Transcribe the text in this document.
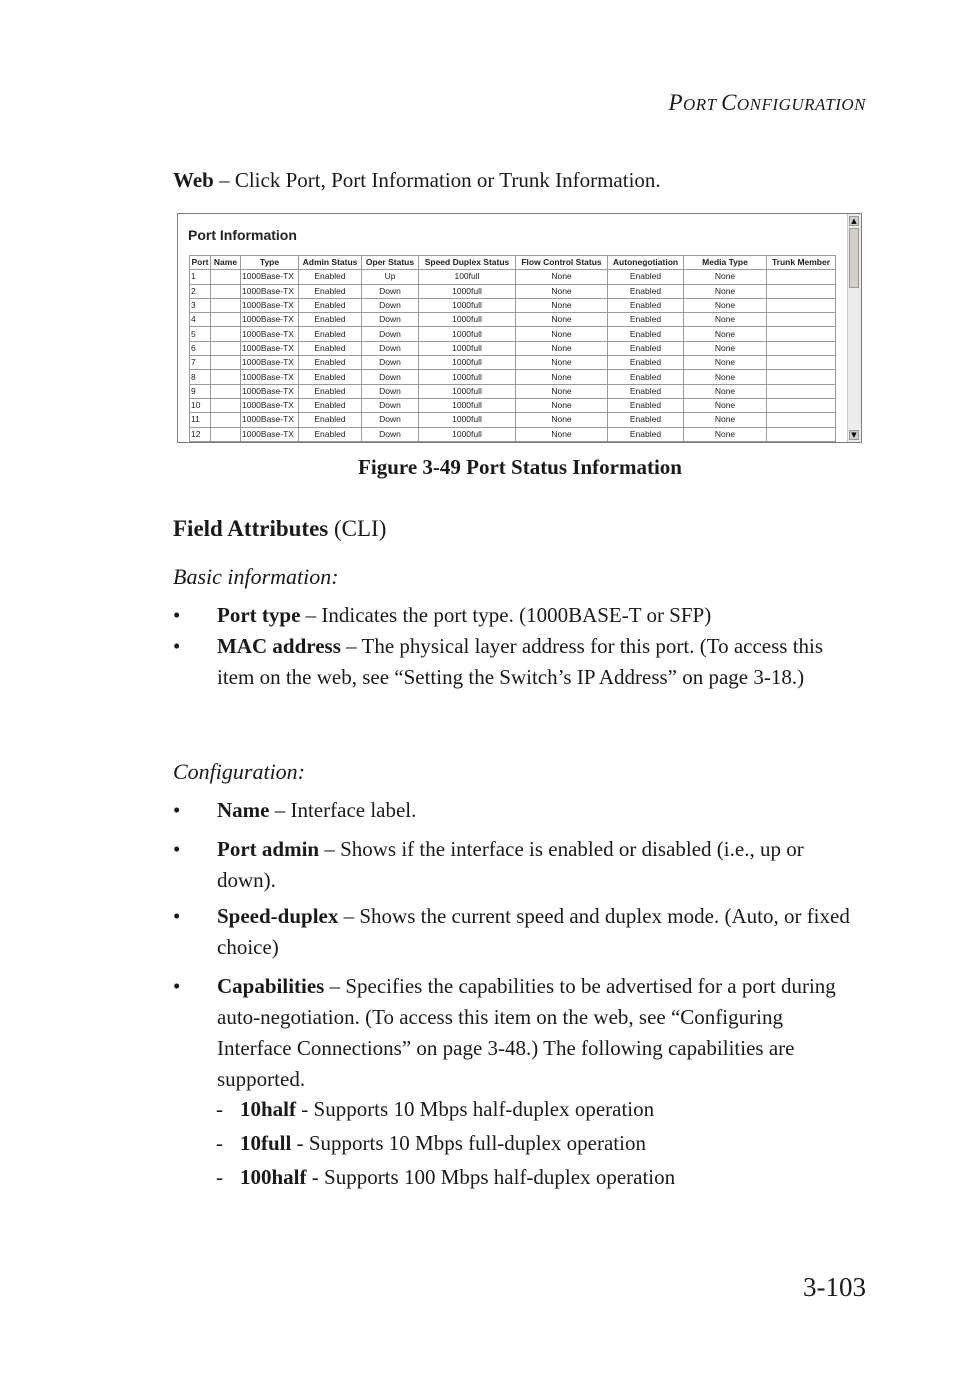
PORT CONFIGURATION
Web – Click Port, Port Information or Trunk Information.
Port Information
Port	Name	Type	Admin Status	Oper Status	Speed Duplex Status	Flow Control Status	Autonegotiation	Media Type	Trunk Member
1		1000Base-TX	Enabled	Up	100full	None	Enabled	None	
2		1000Base-TX	Enabled	Down	1000full	None	Enabled	None	
3		1000Base-TX	Enabled	Down	1000full	None	Enabled	None	
4		1000Base-TX	Enabled	Down	1000full	None	Enabled	None	
5		1000Base-TX	Enabled	Down	1000full	None	Enabled	None	
6		1000Base-TX	Enabled	Down	1000full	None	Enabled	None	
7		1000Base-TX	Enabled	Down	1000full	None	Enabled	None	
8		1000Base-TX	Enabled	Down	1000full	None	Enabled	None	
9		1000Base-TX	Enabled	Down	1000full	None	Enabled	None	
10		1000Base-TX	Enabled	Down	1000full	None	Enabled	None	
11		1000Base-TX	Enabled	Down	1000full	None	Enabled	None	
12		1000Base-TX	Enabled	Down	1000full	None	Enabled	None	
▲
▼
Figure 3-49 Port Status Information
Field Attributes (CLI)
Basic information:
• Port type – Indicates the port type. (1000BASE-T or SFP)
• MAC address – The physical layer address for this port. (To access this item on the web, see “Setting the Switch’s IP Address” on page 3-18.)
Configuration:
• Name – Interface label.
• Port admin – Shows if the interface is enabled or disabled (i.e., up or down).
• Speed-duplex – Shows the current speed and duplex mode. (Auto, or fixed choice)
• Capabilities – Specifies the capabilities to be advertised for a port during auto-negotiation. (To access this item on the web, see “Configuring Interface Connections” on page 3-48.) The following capabilities are supported.
- 10half - Supports 10 Mbps half-duplex operation
- 10full - Supports 10 Mbps full-duplex operation
- 100half - Supports 100 Mbps half-duplex operation
3-103
